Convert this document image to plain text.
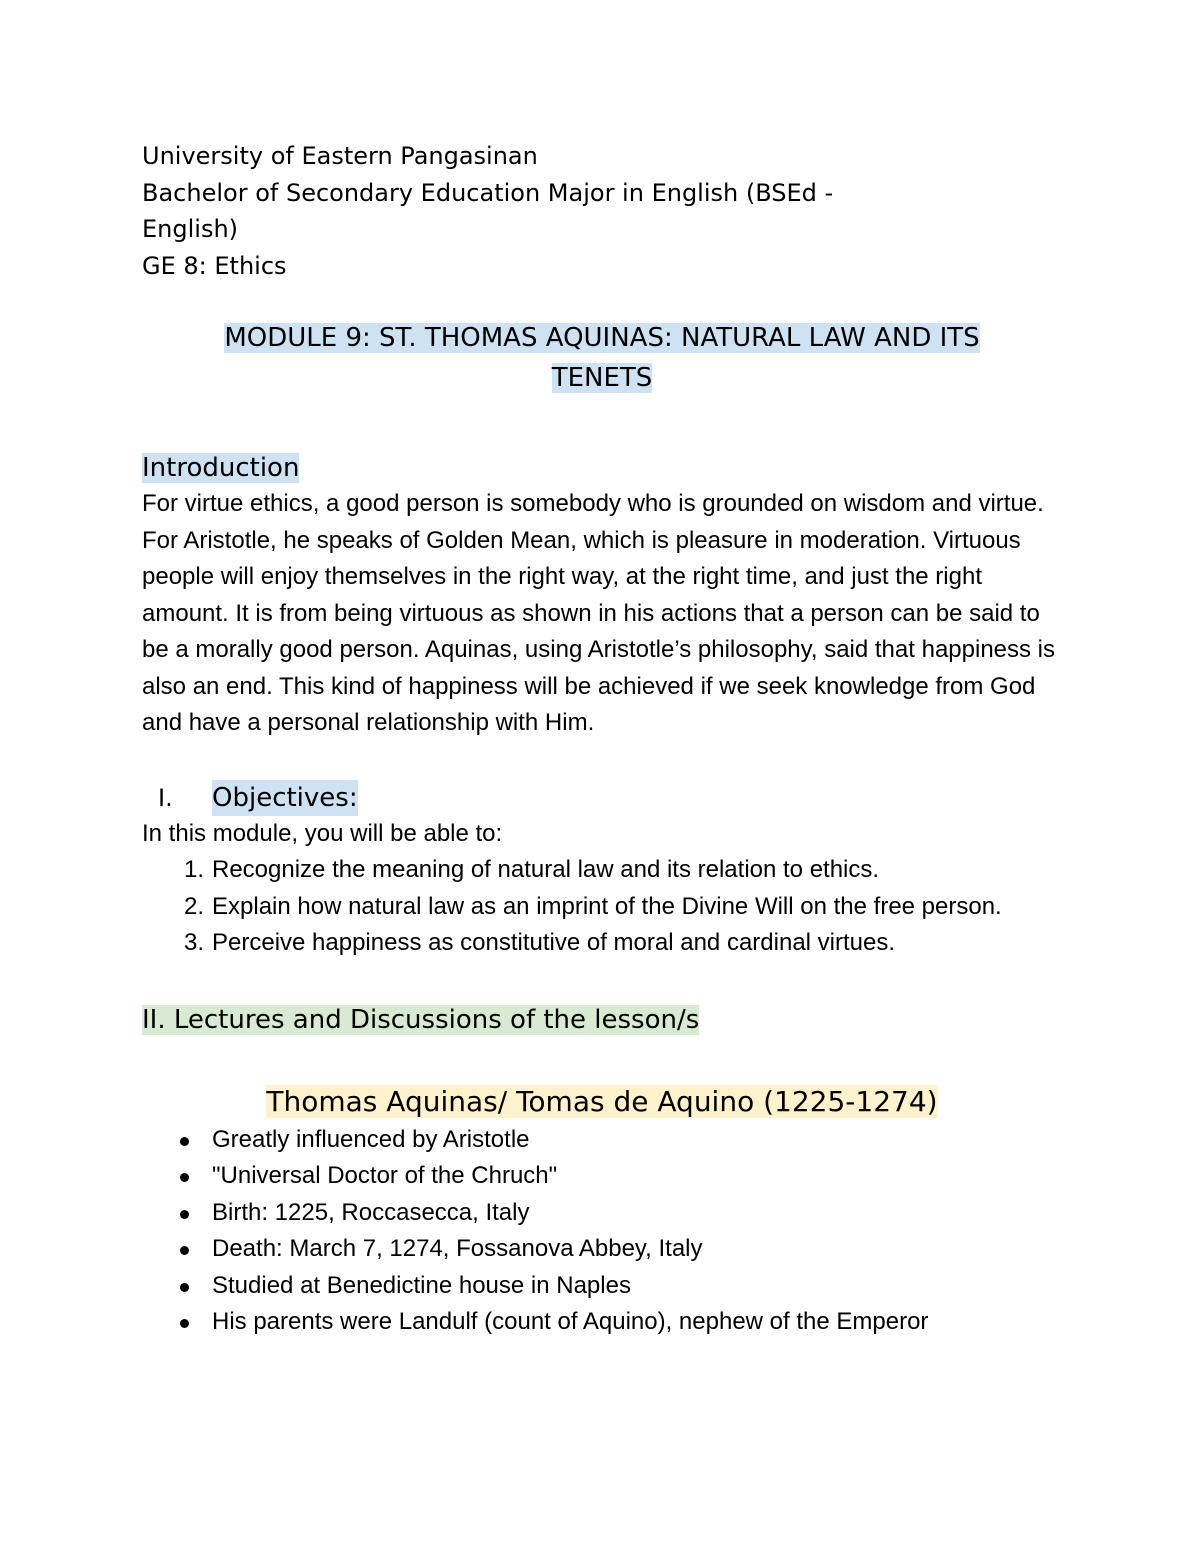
University of Eastern Pangasinan

Bachelor of Secondary Education Major in English (BSEd -

English)

GE 8: Ethics

MODULE 9: ST. THOMAS AQUINAS: NATURAL LAW AND ITS
TENETS

Introduction

For virtue ethics, a good person is somebody who is grounded on wisdom and virtue. For Aristotle, he speaks of Golden Mean, which is pleasure in moderation. Virtuous people will enjoy themselves in the right way, at the right time, and just the right amount. It is from being virtuous as shown in his actions that a person can be said to be a morally good person. Aquinas, using Aristotle’s philosophy, said that happiness is also an end. This kind of happiness will be achieved if we seek knowledge from God and have a personal relationship with Him.

I.	Objectives:

In this module, you will be able to:

1. Recognize the meaning of natural law and its relation to ethics.
2. Explain how natural law as an imprint of the Divine Will on the free person.
3. Perceive happiness as constitutive of moral and cardinal virtues.

II. Lectures and Discussions of the lesson/s

Thomas Aquinas/ Tomas de Aquino (1225-1274)

Greatly influenced by Aristotle
"Universal Doctor of the Chruch"
Birth: 1225, Roccasecca, Italy
Death: March 7, 1274, Fossanova Abbey, Italy
Studied at Benedictine house in Naples
His parents were Landulf (count of Aquino), nephew of the Emperor
